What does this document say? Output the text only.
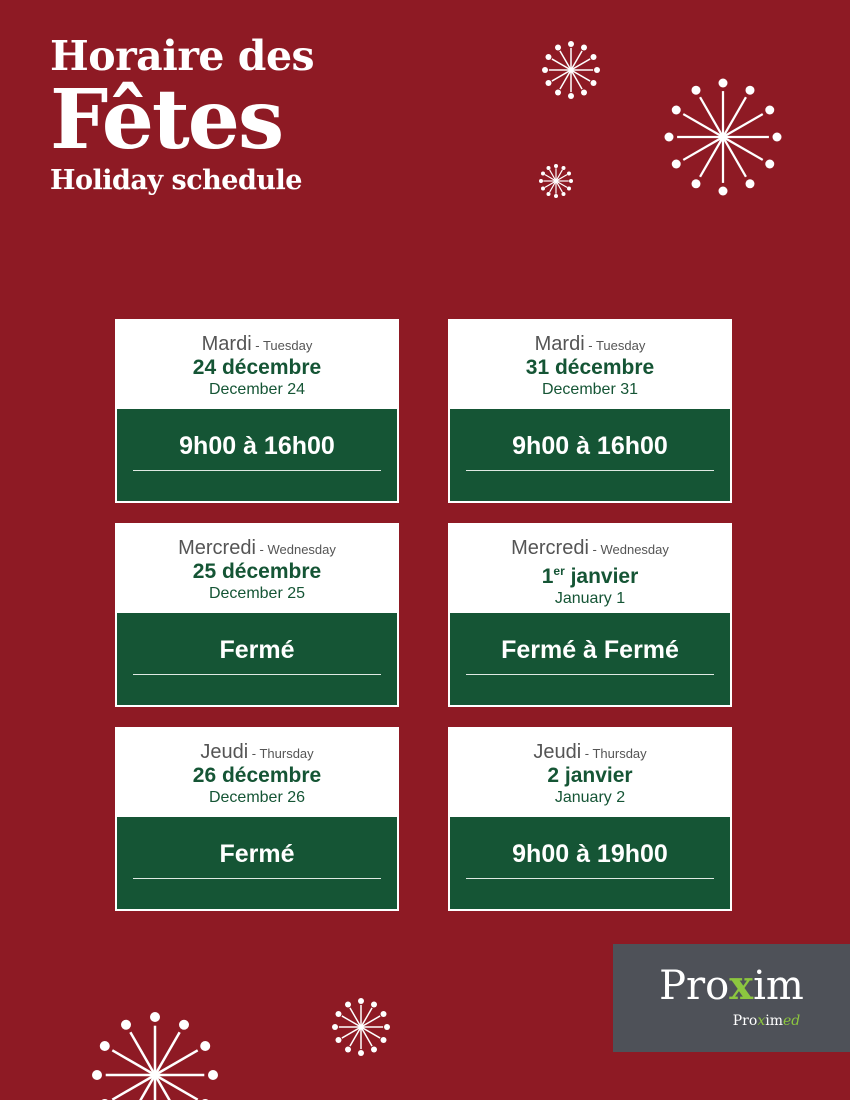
Horaire des
Fêtes
Holiday schedule
Mardi - Tuesday
24 décembre
December 24
9h00 à 16h00
Mardi - Tuesday
31 décembre
December 31
9h00 à 16h00
Mercredi - Wednesday
25 décembre
December 25
Fermé
Mercredi - Wednesday
1er janvier
January 1
Fermé à Fermé
Jeudi - Thursday
26 décembre
December 26
Fermé
Jeudi - Thursday
2 janvier
January 2
9h00 à 19h00
Proxim
Proximed
